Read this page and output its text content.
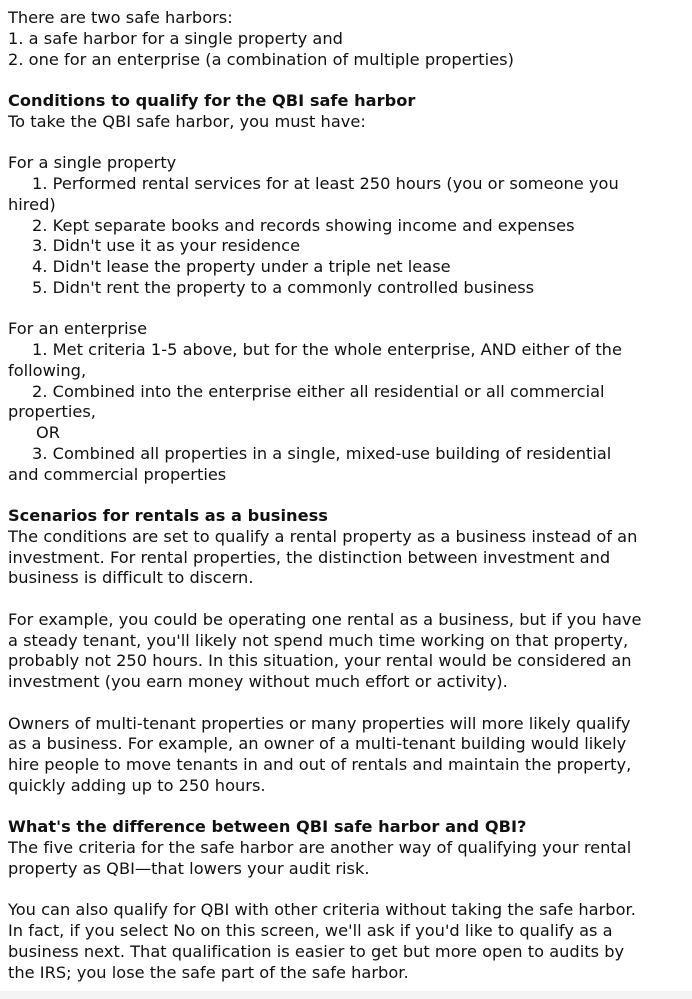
There are two safe harbors:
1. a safe harbor for a single property and
2. one for an enterprise (a combination of multiple properties)
Conditions to qualify for the QBI safe harbor
To take the QBI safe harbor, you must have:
For a single property
1. Performed rental services for at least 250 hours (you or someone you
hired)
2. Kept separate books and records showing income and expenses
3. Didn't use it as your residence
4. Didn't lease the property under a triple net lease
5. Didn't rent the property to a commonly controlled business
For an enterprise
1. Met criteria 1-5 above, but for the whole enterprise, AND either of the
following,
2. Combined into the enterprise either all residential or all commercial
properties,
OR
3. Combined all properties in a single, mixed-use building of residential
and commercial properties
Scenarios for rentals as a business
The conditions are set to qualify a rental property as a business instead of an
investment. For rental properties, the distinction between investment and
business is difficult to discern.
For example, you could be operating one rental as a business, but if you have
a steady tenant, you'll likely not spend much time working on that property,
probably not 250 hours. In this situation, your rental would be considered an
investment (you earn money without much effort or activity).
Owners of multi-tenant properties or many properties will more likely qualify
as a business. For example, an owner of a multi-tenant building would likely
hire people to move tenants in and out of rentals and maintain the property,
quickly adding up to 250 hours.
What's the difference between QBI safe harbor and QBI?
The five criteria for the safe harbor are another way of qualifying your rental
property as QBI—that lowers your audit risk.
You can also qualify for QBI with other criteria without taking the safe harbor.
In fact, if you select No on this screen, we'll ask if you'd like to qualify as a
business next. That qualification is easier to get but more open to audits by
the IRS; you lose the safe part of the safe harbor.
